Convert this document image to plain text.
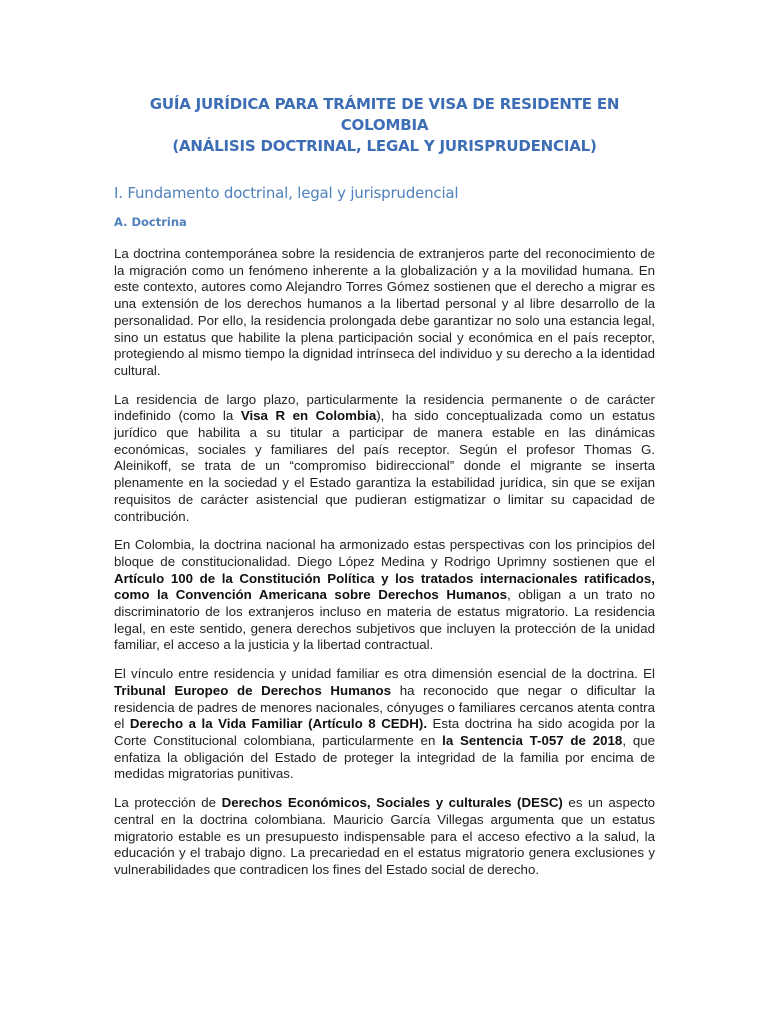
GUÍA JURÍDICA PARA TRÁMITE DE VISA DE RESIDENTE EN COLOMBIA
(ANÁLISIS DOCTRINAL, LEGAL Y JURISPRUDENCIAL)
I. Fundamento doctrinal, legal y jurisprudencial
A. Doctrina

La doctrina contemporánea sobre la residencia de extranjeros parte del reconocimiento de la migración como un fenómeno inherente a la globalización y a la movilidad humana. En este contexto, autores como Alejandro Torres Gómez sostienen que el derecho a migrar es una extensión de los derechos humanos a la libertad personal y al libre desarrollo de la personalidad. Por ello, la residencia prolongada debe garantizar no solo una estancia legal, sino un estatus que habilite la plena participación social y económica en el país receptor, protegiendo al mismo tiempo la dignidad intrínseca del individuo y su derecho a la identidad cultural.

La residencia de largo plazo, particularmente la residencia permanente o de carácter indefinido (como la Visa R en Colombia), ha sido conceptualizada como un estatus jurídico que habilita a su titular a participar de manera estable en las dinámicas económicas, sociales y familiares del país receptor. Según el profesor Thomas G. Aleinikoff, se trata de un “compromiso bidireccional” donde el migrante se inserta plenamente en la sociedad y el Estado garantiza la estabilidad jurídica, sin que se exijan requisitos de carácter asistencial que pudieran estigmatizar o limitar su capacidad de contribución.

En Colombia, la doctrina nacional ha armonizado estas perspectivas con los principios del bloque de constitucionalidad. Diego López Medina y Rodrigo Uprimny sostienen que el Artículo 100 de la Constitución Política y los tratados internacionales ratificados, como la Convención Americana sobre Derechos Humanos, obligan a un trato no discriminatorio de los extranjeros incluso en materia de estatus migratorio. La residencia legal, en este sentido, genera derechos subjetivos que incluyen la protección de la unidad familiar, el acceso a la justicia y la libertad contractual.

El vínculo entre residencia y unidad familiar es otra dimensión esencial de la doctrina. El Tribunal Europeo de Derechos Humanos ha reconocido que negar o dificultar la residencia de padres de menores nacionales, cónyuges o familiares cercanos atenta contra el Derecho a la Vida Familiar (Artículo 8 CEDH). Esta doctrina ha sido acogida por la Corte Constitucional colombiana, particularmente en la Sentencia T-057 de 2018, que enfatiza la obligación del Estado de proteger la integridad de la familia por encima de medidas migratorias punitivas.

La protección de Derechos Económicos, Sociales y culturales (DESC) es un aspecto central en la doctrina colombiana. Mauricio García Villegas argumenta que un estatus migratorio estable es un presupuesto indispensable para el acceso efectivo a la salud, la educación y el trabajo digno. La precariedad en el estatus migratorio genera exclusiones y vulnerabilidades que contradicen los fines del Estado social de derecho.
